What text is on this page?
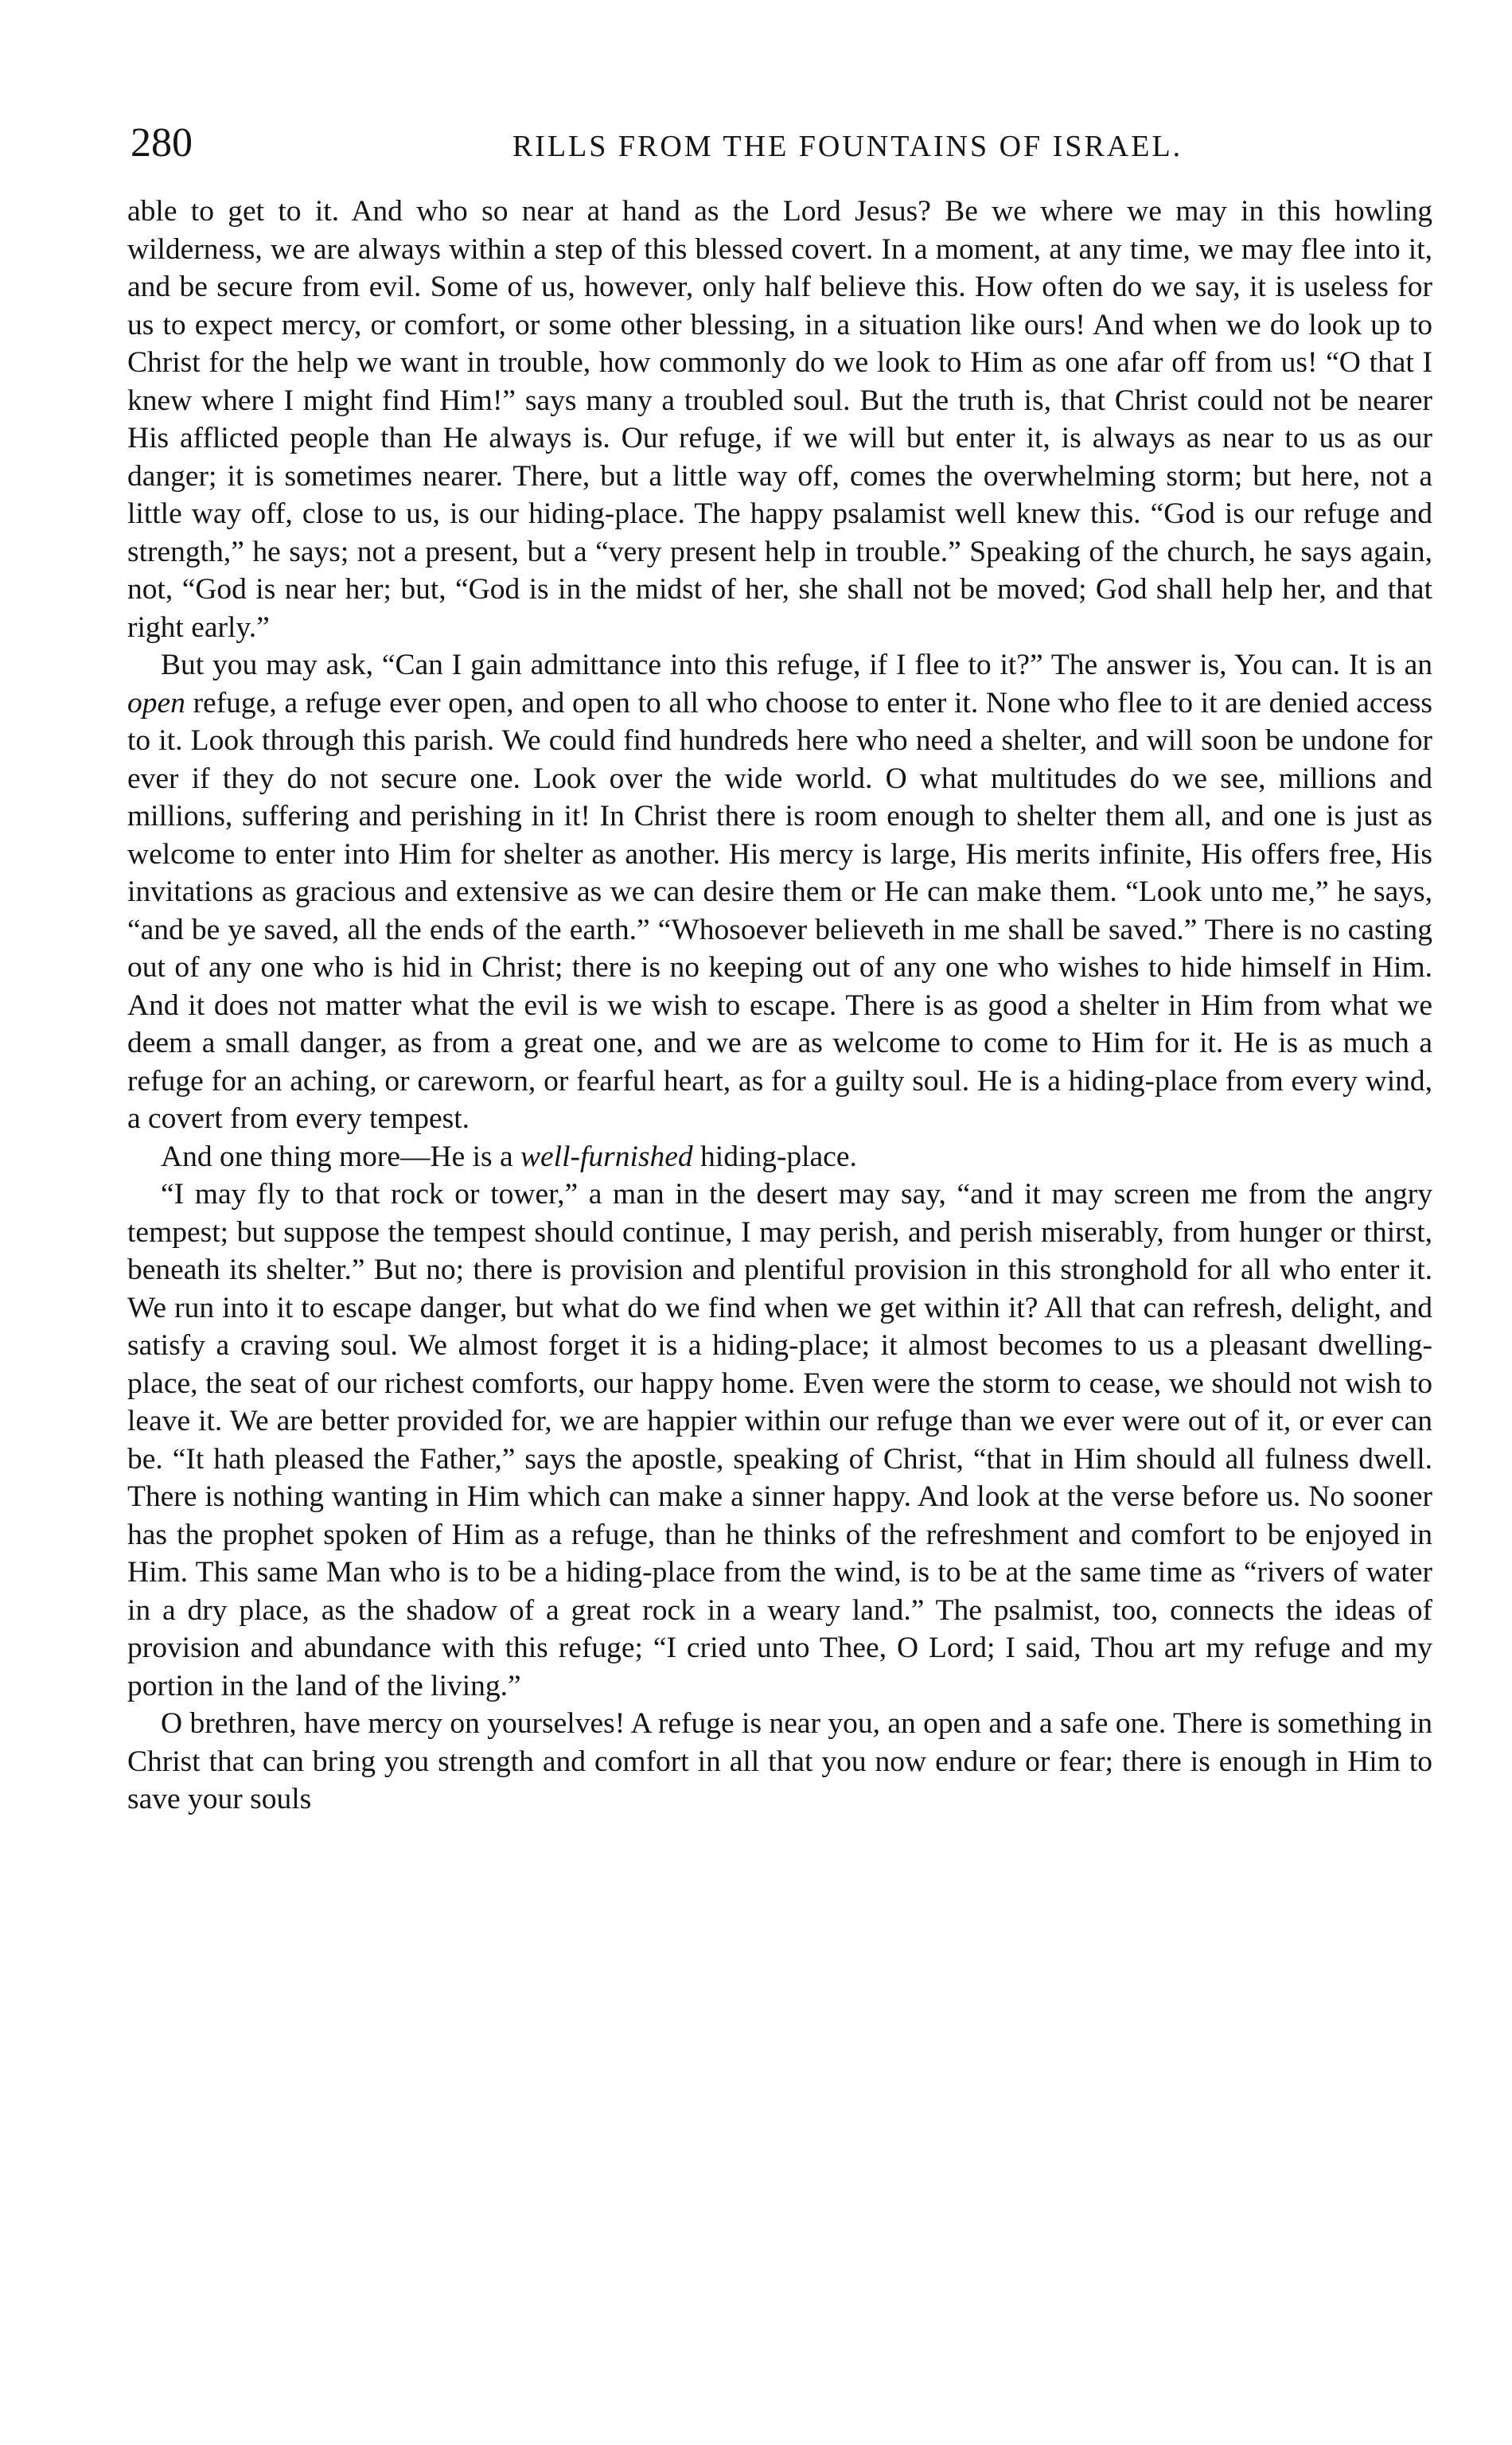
280	RILLS FROM THE FOUNTAINS OF ISRAEL.

able to get to it. And who so near at hand as the Lord Jesus? Be we where we may in this howling wilderness, we are always within a step of this blessed covert. In a moment, at any time, we may flee into it, and be secure from evil. Some of us, however, only half believe this. How often do we say, it is useless for us to expect mercy, or comfort, or some other blessing, in a situation like ours! And when we do look up to Christ for the help we want in trouble, how commonly do we look to Him as one afar off from us! “O that I knew where I might find Him!” says many a troubled soul. But the truth is, that Christ could not be nearer His afflicted people than He always is. Our refuge, if we will but enter it, is always as near to us as our danger; it is sometimes nearer. There, but a little way off, comes the overwhelming storm; but here, not a little way off, close to us, is our hiding-place. The happy psalamist well knew this. “God is our refuge and strength,” he says; not a present, but a “very present help in trouble.” Speaking of the church, he says again, not, “God is near her; but, “God is in the midst of her, she shall not be moved; God shall help her, and that right early.”

But you may ask, “Can I gain admittance into this refuge, if I flee to it?” The answer is, You can. It is an open refuge, a refuge ever open, and open to all who choose to enter it. None who flee to it are denied access to it. Look through this parish. We could find hundreds here who need a shelter, and will soon be undone for ever if they do not secure one. Look over the wide world. O what multitudes do we see, millions and millions, suffering and perishing in it! In Christ there is room enough to shelter them all, and one is just as welcome to enter into Him for shelter as another. His mercy is large, His merits infinite, His offers free, His invitations as gracious and extensive as we can desire them or He can make them. “Look unto me,” he says, “and be ye saved, all the ends of the earth.” “Whosoever believeth in me shall be saved.” There is no casting out of any one who is hid in Christ; there is no keeping out of any one who wishes to hide himself in Him. And it does not matter what the evil is we wish to escape. There is as good a shelter in Him from what we deem a small danger, as from a great one, and we are as welcome to come to Him for it. He is as much a refuge for an aching, or careworn, or fearful heart, as for a guilty soul. He is a hiding-place from every wind, a covert from every tempest.

And one thing more—He is a well-furnished hiding-place.

“I may fly to that rock or tower,” a man in the desert may say, “and it may screen me from the angry tempest; but suppose the tempest should continue, I may perish, and perish miserably, from hunger or thirst, beneath its shelter.” But no; there is provision and plentiful provision in this stronghold for all who enter it. We run into it to escape danger, but what do we find when we get within it? All that can refresh, delight, and satisfy a craving soul. We almost forget it is a hiding-place; it almost becomes to us a pleasant dwelling-place, the seat of our richest comforts, our happy home. Even were the storm to cease, we should not wish to leave it. We are better provided for, we are happier within our refuge than we ever were out of it, or ever can be. “It hath pleased the Father,” says the apostle, speaking of Christ, “that in Him should all fulness dwell. There is nothing wanting in Him which can make a sinner happy. And look at the verse before us. No sooner has the prophet spoken of Him as a refuge, than he thinks of the refreshment and comfort to be enjoyed in Him. This same Man who is to be a hiding-place from the wind, is to be at the same time as “rivers of water in a dry place, as the shadow of a great rock in a weary land.” The psalmist, too, connects the ideas of provision and abundance with this refuge; “I cried unto Thee, O Lord; I said, Thou art my refuge and my portion in the land of the living.”

O brethren, have mercy on yourselves! A refuge is near you, an open and a safe one. There is something in Christ that can bring you strength and comfort in all that you now endure or fear; there is enough in Him to save your souls
